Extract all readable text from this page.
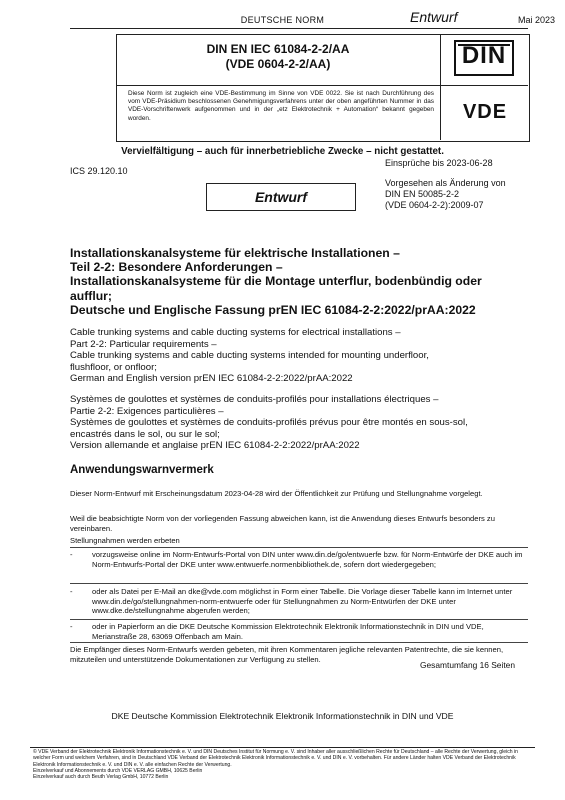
DEUTSCHE NORM	Entwurf	Mai 2023
DIN EN IEC 61084-2-2/AA
(VDE 0604-2-2/AA)	DIN
VDE
Diese Norm ist zugleich eine VDE-Bestimmung im Sinne von VDE 0022. Sie ist nach Durchführung des vom VDE-Präsidium beschlossenen Genehmigungsverfahrens unter der oben angeführten Nummer in das VDE-Vorschriftenwerk aufgenommen und in der „etz Elektrotechnik + Automation“ bekannt gegeben worden.
Vervielfältigung – auch für innerbetriebliche Zwecke – nicht gestattet.
Einsprüche bis 2023-06-28
ICS 29.120.10
Vorgesehen als Änderung von
DIN EN 50085-2-2
(VDE 0604-2-2):2009-07
Entwurf
Installationskanalsysteme für elektrische Installationen –
Teil 2-2: Besondere Anforderungen –
Installationskanalsysteme für die Montage unterflur, bodenbündig oder
aufflur;
Deutsche und Englische Fassung prEN IEC 61084-2-2:2022/prAA:2022
Cable trunking systems and cable ducting systems for electrical installations –
Part 2-2: Particular requirements –
Cable trunking systems and cable ducting systems intended for mounting underfloor,
flushfloor, or onfloor;
German and English version prEN IEC 61084-2-2:2022/prAA:2022
Systèmes de goulottes et systèmes de conduits-profilés pour installations électriques –
Partie 2-2: Exigences particulières –
Systèmes de goulottes et systèmes de conduits-profilés prévus pour être montés en sous-sol,
encastrés dans le sol, ou sur le sol;
Version allemande et anglaise prEN IEC 61084-2-2:2022/prAA:2022
Anwendungswarnvermerk
Dieser Norm-Entwurf mit Erscheinungsdatum 2023-04-28 wird der Öffentlichkeit zur Prüfung und Stellungnahme vorgelegt.
Weil die beabsichtigte Norm von der vorliegenden Fassung abweichen kann, ist die Anwendung dieses Entwurfs besonders zu vereinbaren.
Stellungnahmen werden erbeten
-	vorzugsweise online im Norm-Entwurfs-Portal von DIN unter www.din.de/go/entwuerfe bzw. für Norm-Entwürfe der DKE auch im Norm-Entwurfs-Portal der DKE unter www.entwuerfe.normenbibliothek.de, sofern dort wiedergegeben;
-	oder als Datei per E-Mail an dke@vde.com möglichst in Form einer Tabelle. Die Vorlage dieser Tabelle kann im Internet unter www.din.de/go/stellungnahmen-norm-entwuerfe oder für Stellungnahmen zu Norm-Entwürfen der DKE unter www.dke.de/stellungnahme abgerufen werden;
-	oder in Papierform an die DKE Deutsche Kommission Elektrotechnik Elektronik Informationstechnik in DIN und VDE, Merianstraße 28, 63069 Offenbach am Main.
Die Empfänger dieses Norm-Entwurfs werden gebeten, mit ihren Kommentaren jegliche relevanten Patentrechte, die sie kennen, mitzuteilen und unterstützende Dokumentationen zur Verfügung zu stellen.
Gesamtumfang 16 Seiten
DKE Deutsche Kommission Elektrotechnik Elektronik Informationstechnik in DIN und VDE
© VDE Verband der Elektrotechnik Elektronik Informationstechnik e. V. und DIN Deutsches Institut für Normung e. V. sind Inhaber aller ausschließlichen Rechte für Deutschland – alle Rechte der Verwertung, gleich in welcher Form und welchem Verfahren, sind in Deutschland VDE Verband der Elektrotechnik Elektronik Informationstechnik e. V. und DIN e. V. vorbehalten. Für andere Länder halten VDE Verband der Elektrotechnik Elektronik Informationstechnik e. V. und DIN e. V. alle einfachen Rechte der Verwertung.
Einzelverkauf und Abonnements durch VDE VERLAG GMBH, 10625 Berlin
Einzelverkauf auch durch Beuth Verlag GmbH, 10772 Berlin
